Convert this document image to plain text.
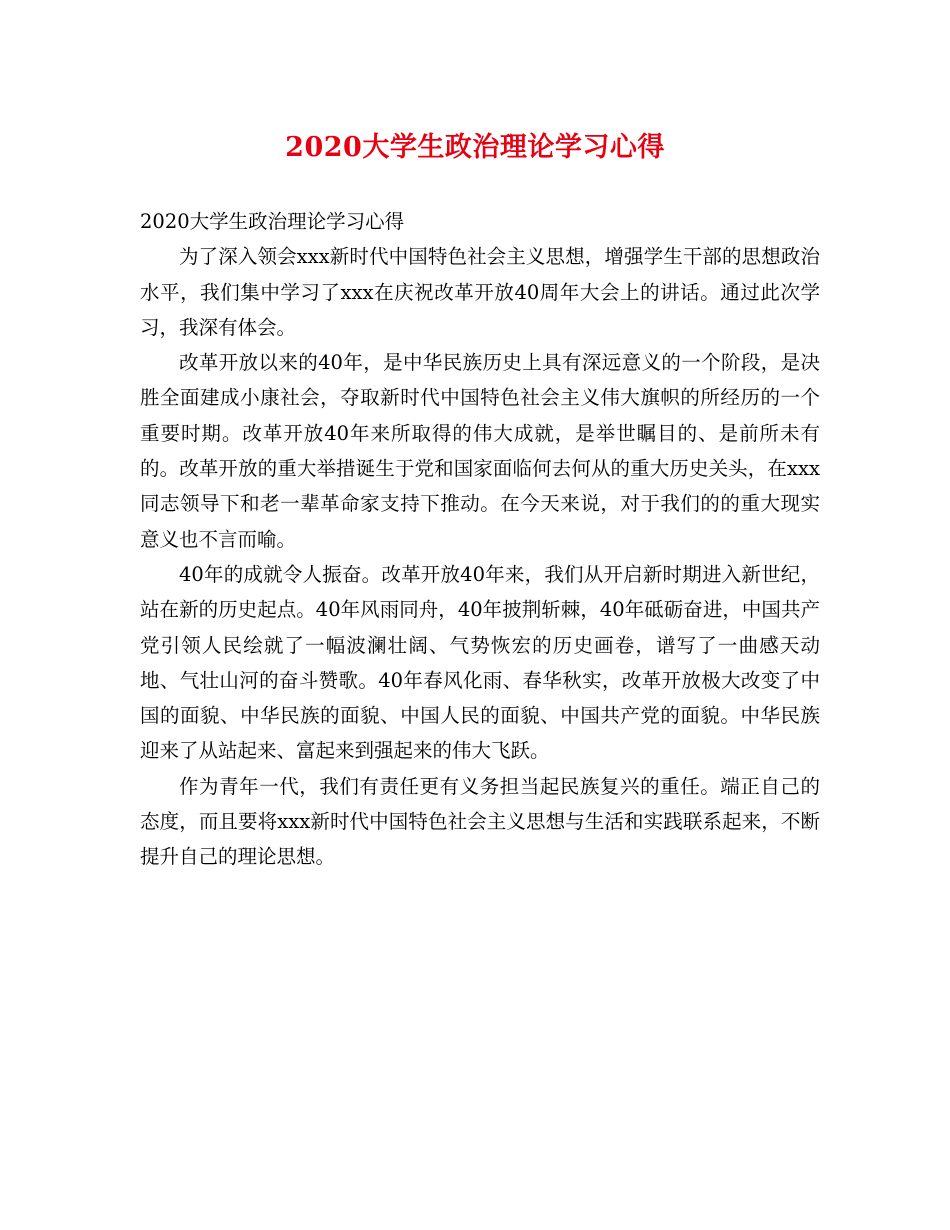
2020大学生政治理论学习心得

2020大学生政治理论学习心得

为了深入领会xxx新时代中国特色社会主义思想，增强学生干部的思想政治水平，我们集中学习了xxx在庆祝改革开放40周年大会上的讲话。通过此次学习，我深有体会。

改革开放以来的40年，是中华民族历史上具有深远意义的一个阶段，是决胜全面建成小康社会，夺取新时代中国特色社会主义伟大旗帜的所经历的一个重要时期。改革开放40年来所取得的伟大成就，是举世瞩目的、是前所未有的。改革开放的重大举措诞生于党和国家面临何去何从的重大历史关头，在xxx同志领导下和老一辈革命家支持下推动。在今天来说，对于我们的的重大现实意义也不言而喻。

40年的成就令人振奋。改革开放40年来，我们从开启新时期进入新世纪，站在新的历史起点。40年风雨同舟，40年披荆斩棘，40年砥砺奋进，中国共产党引领人民绘就了一幅波澜壮阔、气势恢宏的历史画卷，谱写了一曲感天动地、气壮山河的奋斗赞歌。40年春风化雨、春华秋实，改革开放极大改变了中国的面貌、中华民族的面貌、中国人民的面貌、中国共产党的面貌。中华民族迎来了从站起来、富起来到强起来的伟大飞跃。

作为青年一代，我们有责任更有义务担当起民族复兴的重任。端正自己的态度，而且要将xxx新时代中国特色社会主义思想与生活和实践联系起来，不断提升自己的理论思想。
